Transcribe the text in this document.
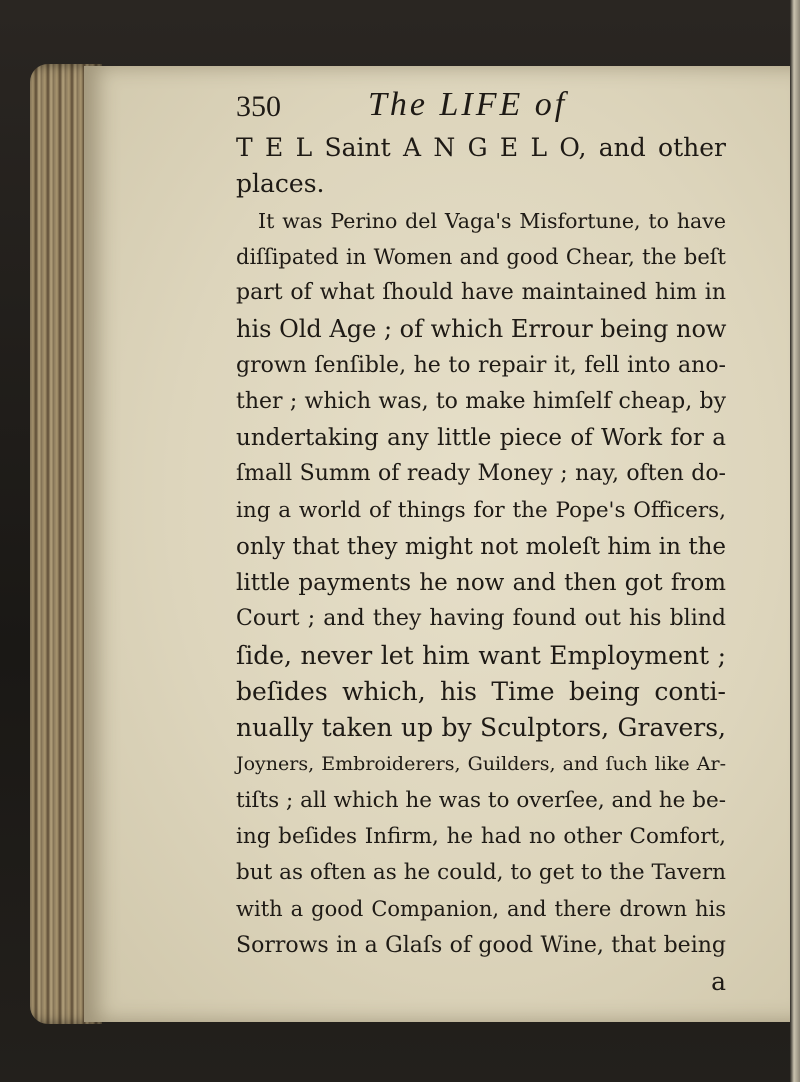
350	The LIFE of
T E L Saint A N G E L O, and other
places.
It was Perino del Vaga's Misfortune, to have
diſſipated in Women and good Chear, the beſt
part of what ſhould have maintained him in
his Old Age ; of which Errour being now
grown ſenſible, he to repair it, fell into ano-
ther ; which was, to make himſelf cheap, by
undertaking any little piece of Work for a
ſmall Summ of ready Money ; nay, often do-
ing a world of things for the Pope's Officers,
only that they might not moleſt him in the
little payments he now and then got from
Court ; and they having found out his blind
ſide, never let him want Employment ;
beſides which, his Time being conti-
nually taken up by Sculptors, Gravers,
Joyners, Embroiderers, Guilders, and ſuch like Ar-
tiſts ; all which he was to overſee, and he be-
ing beſides Infirm, he had no other Comfort,
but as often as he could, to get to the Tavern
with a good Companion, and there drown his
Sorrows in a Glaſs of good Wine, that being
a
